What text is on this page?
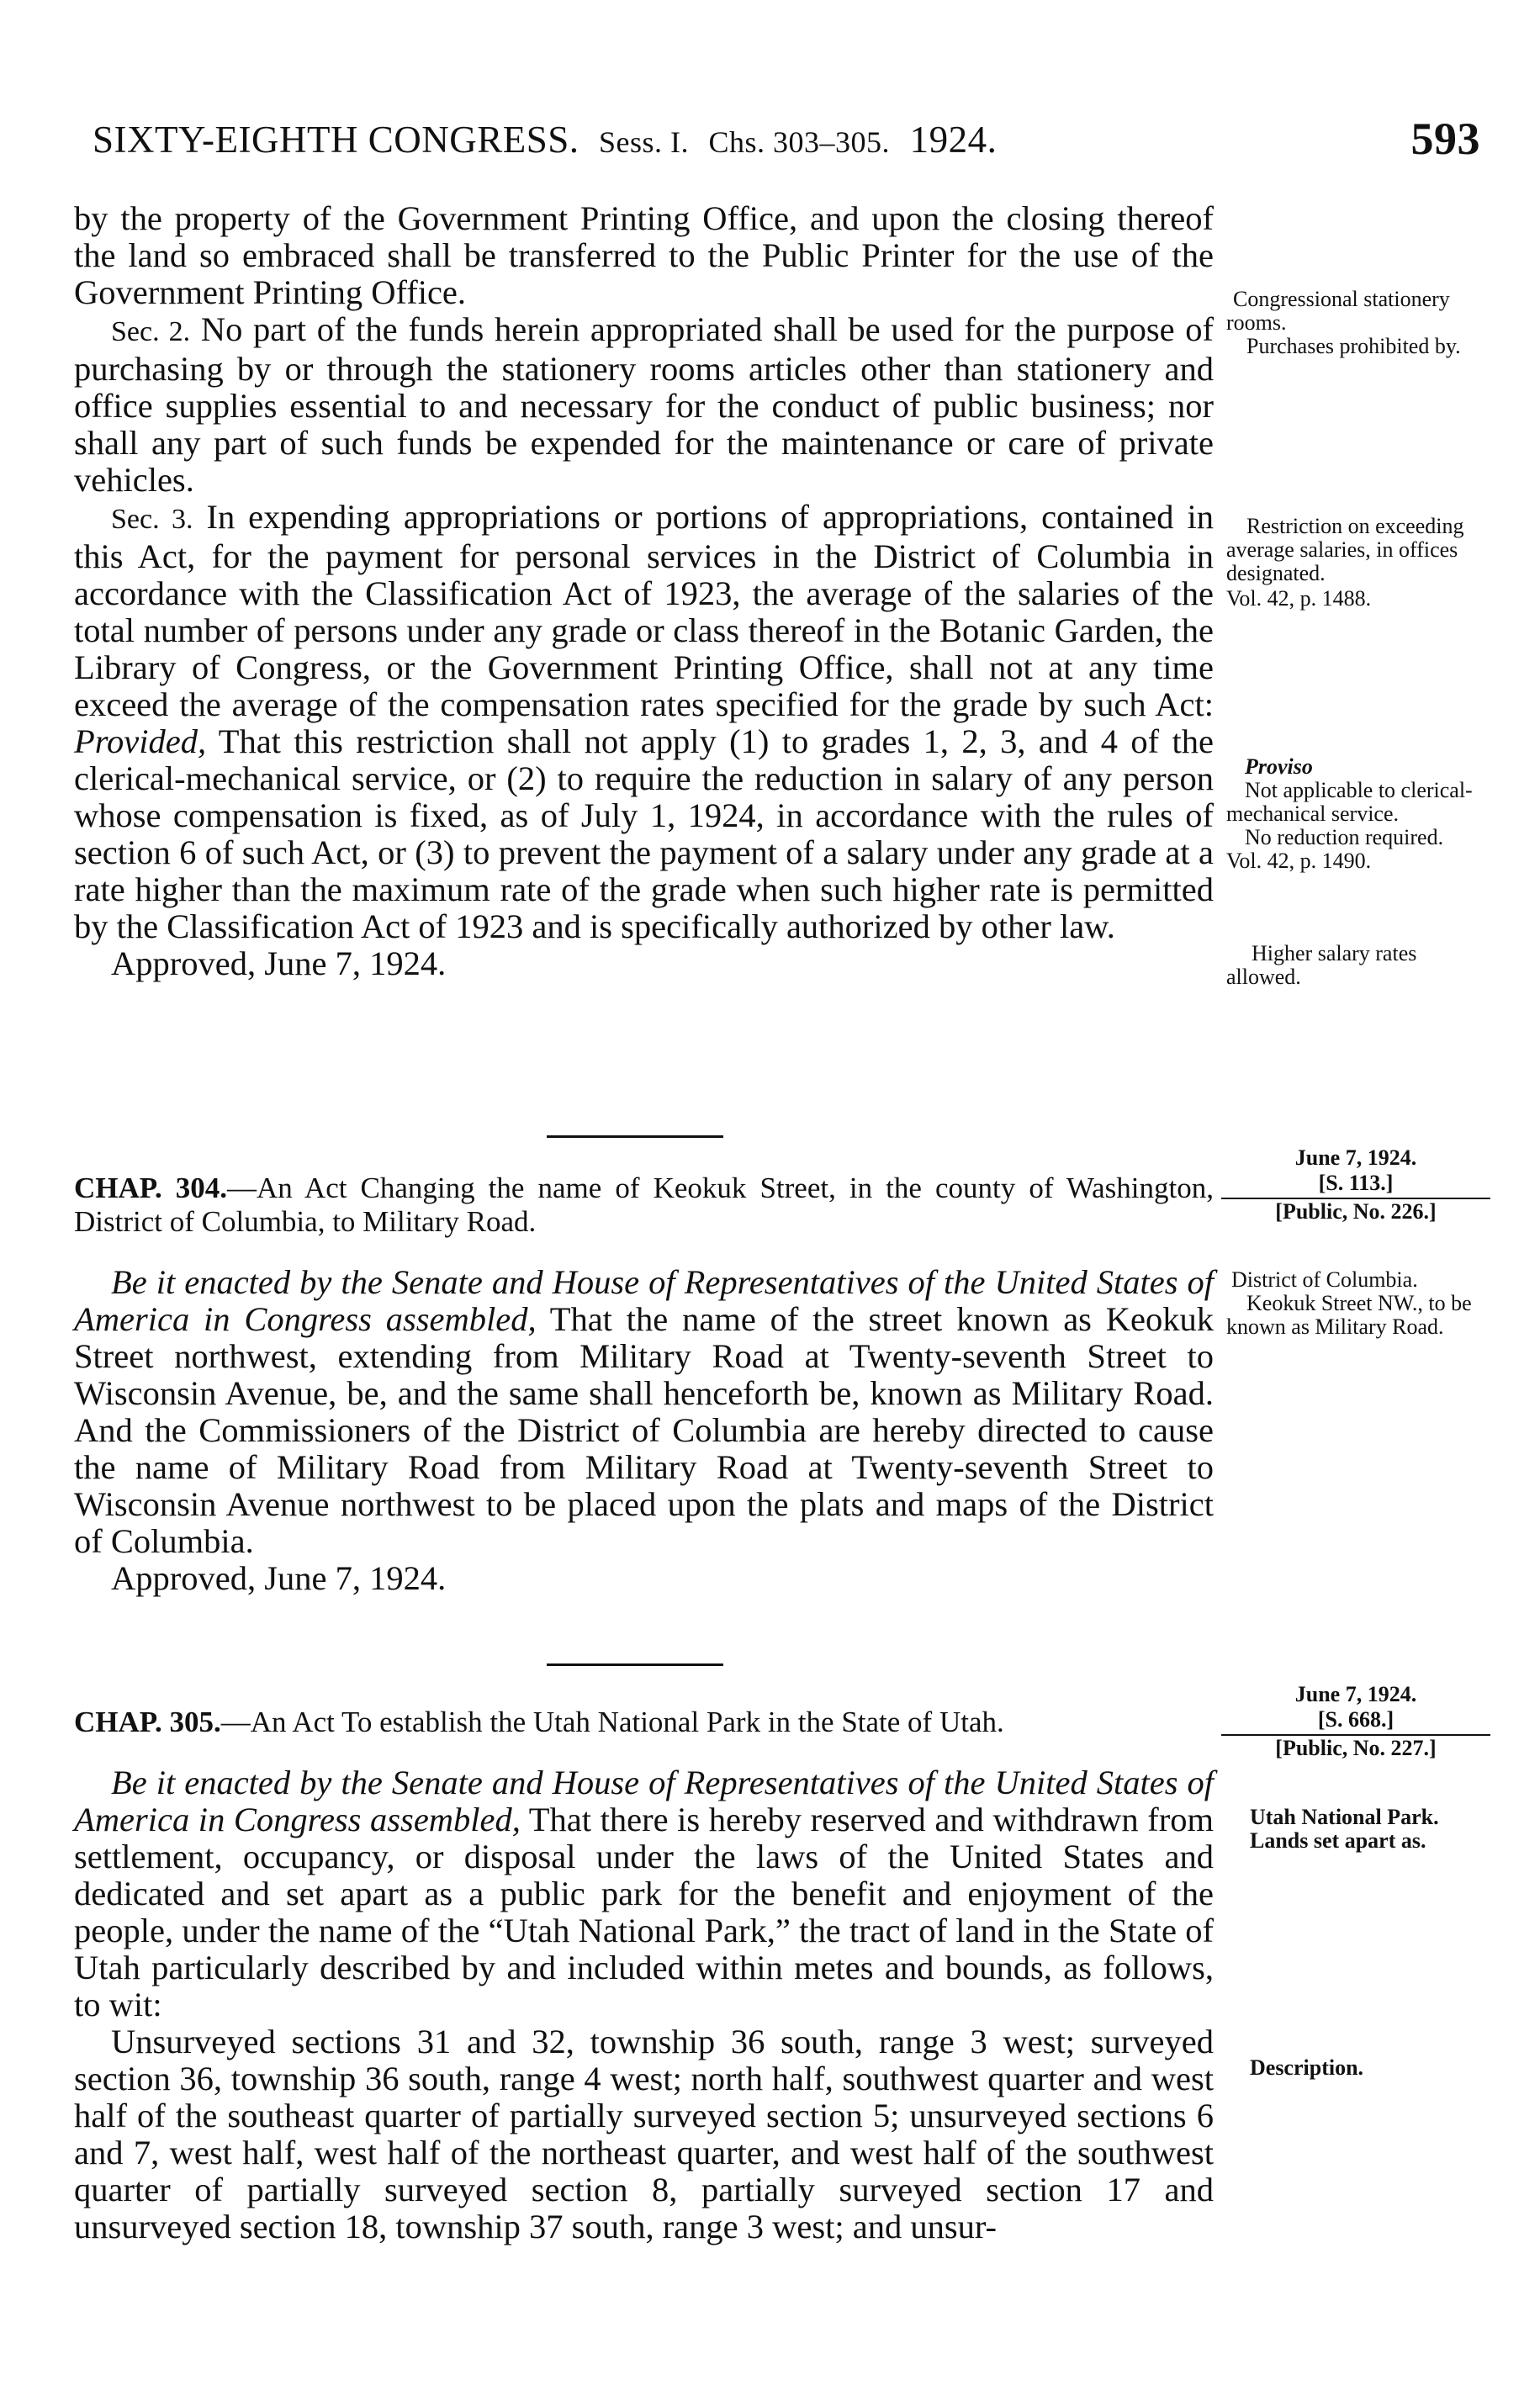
SIXTY-EIGHTH CONGRESS. Sess. I. Chs. 303–305. 1924.	593

by the property of the Government Printing Office, and upon the closing thereof the land so embraced shall be transferred to the Public Printer for the use of the Government Printing Office.

Sec. 2. No part of the funds herein appropriated shall be used for the purpose of purchasing by or through the stationery rooms articles other than stationery and office supplies essential to and necessary for the conduct of public business; nor shall any part of such funds be expended for the maintenance or care of private vehicles.

Sec. 3. In expending appropriations or portions of appropriations, contained in this Act, for the payment for personal services in the District of Columbia in accordance with the Classification Act of 1923, the average of the salaries of the total number of persons under any grade or class thereof in the Botanic Garden, the Library of Congress, or the Government Printing Office, shall not at any time exceed the average of the compensation rates specified for the grade by such Act: Provided, That this restriction shall not apply (1) to grades 1, 2, 3, and 4 of the clerical-mechanical service, or (2) to require the reduction in salary of any person whose compensation is fixed, as of July 1, 1924, in accordance with the rules of section 6 of such Act, or (3) to prevent the payment of a salary under any grade at a rate higher than the maximum rate of the grade when such higher rate is permitted by the Classification Act of 1923 and is specifically authorized by other law.

Approved, June 7, 1924.

CHAP. 304.—An Act Changing the name of Keokuk Street, in the county of Washington, District of Columbia, to Military Road.

Be it enacted by the Senate and House of Representatives of the United States of America in Congress assembled, That the name of the street known as Keokuk Street northwest, extending from Military Road at Twenty-seventh Street to Wisconsin Avenue, be, and the same shall henceforth be, known as Military Road. And the Commissioners of the District of Columbia are hereby directed to cause the name of Military Road from Military Road at Twenty-seventh Street to Wisconsin Avenue northwest to be placed upon the plats and maps of the District of Columbia.

Approved, June 7, 1924.

CHAP. 305.—An Act To establish the Utah National Park in the State of Utah.

Be it enacted by the Senate and House of Representatives of the United States of America in Congress assembled, That there is hereby reserved and withdrawn from settlement, occupancy, or disposal under the laws of the United States and dedicated and set apart as a public park for the benefit and enjoyment of the people, under the name of the “Utah National Park,” the tract of land in the State of Utah particularly described by and included within metes and bounds, as follows, to wit:

Unsurveyed sections 31 and 32, township 36 south, range 3 west; surveyed section 36, township 36 south, range 4 west; north half, southwest quarter and west half of the southeast quarter of partially surveyed section 5; unsurveyed sections 6 and 7, west half, west half of the northeast quarter, and west half of the southwest quarter of partially surveyed section 8, partially surveyed section 17 and unsurveyed section 18, township 37 south, range 3 west; and unsur-

Congressional stationery rooms.
Purchases prohibited by.
Restriction on exceeding average salaries, in offices designated.
Vol. 42, p. 1488.
Proviso
Not applicable to clerical-mechanical service.
No reduction required.
Vol. 42, p. 1490.
Higher salary rates allowed.
June 7, 1924.
[S. 113.]
[Public, No. 226.]
District of Columbia.
Keokuk Street NW., to be known as Military Road.
June 7, 1924.
[S. 668.]
[Public, No. 227.]
Utah National Park.
Lands set apart as.
Description.
